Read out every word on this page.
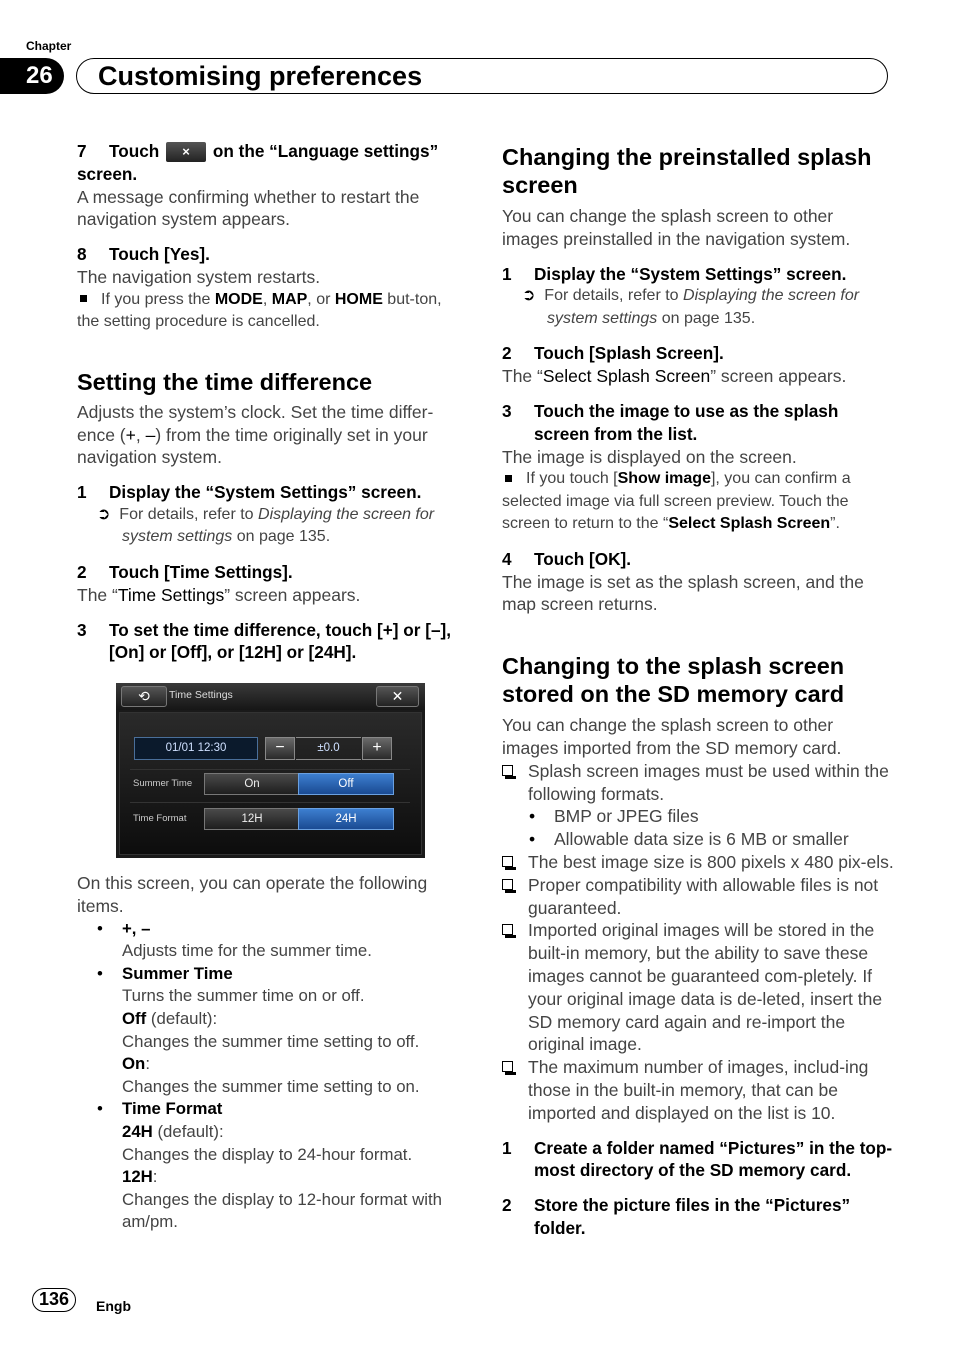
Chapter
26	Customising preferences
7 Touch × on the “Language settings” screen.
A message confirming whether to restart the navigation system appears.
8 Touch [Yes].
The navigation system restarts.
If you press the MODE, MAP, or HOME but-ton, the setting procedure is cancelled.
Setting the time difference
Adjusts the system’s clock. Set the time differ-ence (+, –) from the time originally set in your navigation system.
1 Display the “System Settings” screen.
➲ For details, refer to Displaying the screen for system settings on page 135.
2 Touch [Time Settings].
The “Time Settings” screen appears.
3 To set the time difference, touch [+] or [–], [On] or [Off], or [12H] or [24H].
⟲	Time Settings	✕
01/01 12:30	−	±0.0	+
Summer Time	On	Off
Time Format	12H	24H
On this screen, you can operate the following items.
• +, –
Adjusts time for the summer time.
• Summer Time
Turns the summer time on or off.
Off (default):
Changes the summer time setting to off.
On:
Changes the summer time setting to on.
• Time Format
24H (default):
Changes the display to 24-hour format.
12H:
Changes the display to 12-hour format with am/pm.
Changing the preinstalled splash screen
You can change the splash screen to other images preinstalled in the navigation system.
1 Display the “System Settings” screen.
➲ For details, refer to Displaying the screen for system settings on page 135.
2 Touch [Splash Screen].
The “Select Splash Screen” screen appears.
3 Touch the image to use as the splash screen from the list.
The image is displayed on the screen.
If you touch [Show image], you can confirm a selected image via full screen preview. Touch the screen to return to the “Select Splash Screen”.
4 Touch [OK].
The image is set as the splash screen, and the map screen returns.
Changing to the splash screen stored on the SD memory card
You can change the splash screen to other images imported from the SD memory card.
Splash screen images must be used within the following formats.
• BMP or JPEG files
• Allowable data size is 6 MB or smaller
The best image size is 800 pixels x 480 pix-els.
Proper compatibility with allowable files is not guaranteed.
Imported original images will be stored in the built-in memory, but the ability to save these images cannot be guaranteed com-pletely. If your original image data is de-leted, insert the SD memory card again and re-import the original image.
The maximum number of images, includ-ing those in the built-in memory, that can be imported and displayed on the list is 10.
1 Create a folder named “Pictures” in the top-most directory of the SD memory card.
2 Store the picture files in the “Pictures” folder.
136	Engb
